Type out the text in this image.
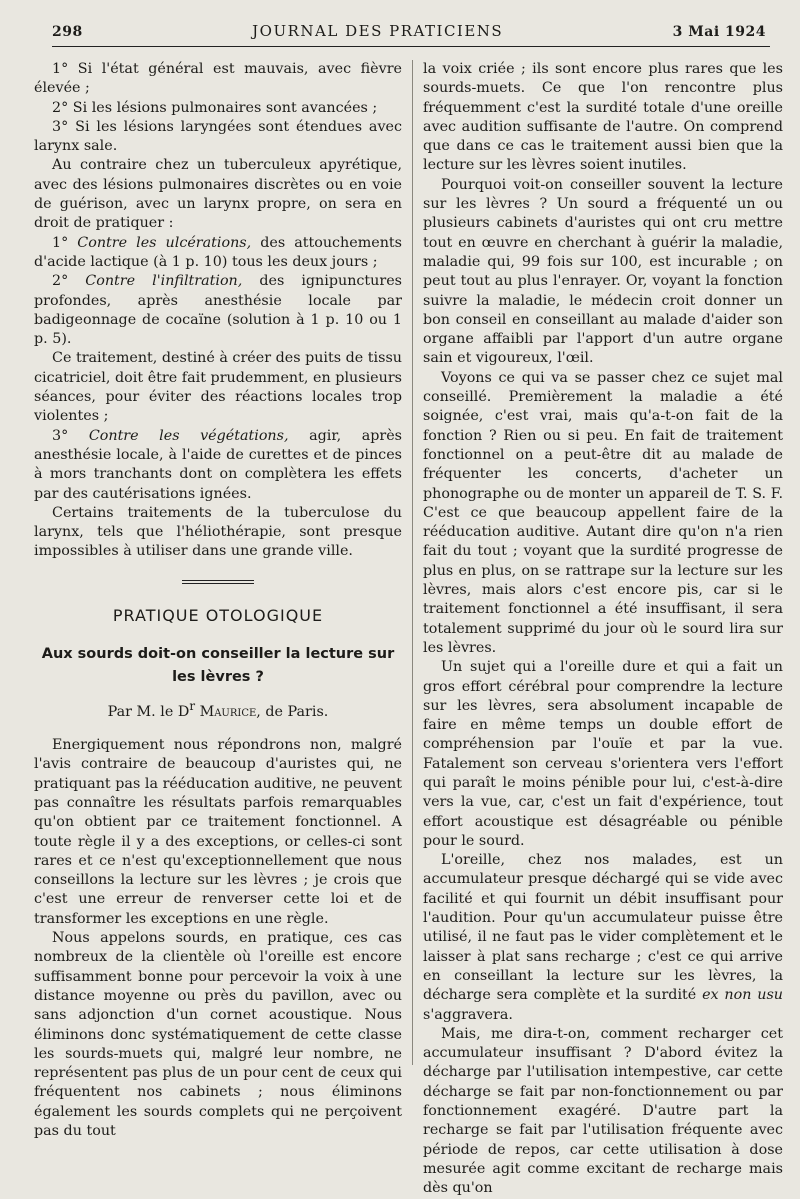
298	JOURNAL DES PRATICIENS	3 Mai 1924

1° Si l'état général est mauvais, avec fièvre élevée ;

2° Si les lésions pulmonaires sont avancées ;

3° Si les lésions laryngées sont étendues avec larynx sale.

Au contraire chez un tuberculeux apyrétique, avec des lésions pulmonaires discrètes ou en voie de guérison, avec un larynx propre, on sera en droit de pratiquer :

1° Contre les ulcérations, des attouchements d'acide lactique (à 1 p. 10) tous les deux jours ;

2° Contre l'infiltration, des ignipunctures profondes, après anesthésie locale par badigeonnage de cocaïne (solution à 1 p. 10 ou 1 p. 5).

Ce traitement, destiné à créer des puits de tissu cicatriciel, doit être fait prudemment, en plusieurs séances, pour éviter des réactions locales trop violentes ;

3° Contre les végétations, agir, après anesthésie locale, à l'aide de curettes et de pinces à mors tranchants dont on complètera les effets par des cautérisations ignées.

Certains traitements de la tuberculose du larynx, tels que l'héliothérapie, sont presque impossibles à utiliser dans une grande ville.

PRATIQUE OTOLOGIQUE
Aux sourds doit-on conseiller la lecture sur les lèvres ?
Par M. le $D^r$ Maurice, de Paris.

Energiquement nous répondrons non, malgré l'avis contraire de beaucoup d'auristes qui, ne pratiquant pas la rééducation auditive, ne peuvent pas connaître les résultats parfois remarquables qu'on obtient par ce traitement fonctionnel. A toute règle il y a des exceptions, or celles-ci sont rares et ce n'est qu'exceptionnellement que nous conseillons la lecture sur les lèvres ; je crois que c'est une erreur de renverser cette loi et de transformer les exceptions en une règle.

Nous appelons sourds, en pratique, ces cas nombreux de la clientèle où l'oreille est encore suffisamment bonne pour percevoir la voix à une distance moyenne ou près du pavillon, avec ou sans adjonction d'un cornet acoustique. Nous éliminons donc systématiquement de cette classe les sourds-muets qui, malgré leur nombre, ne représentent pas plus de un pour cent de ceux qui fréquentent nos cabinets ; nous éliminons également les sourds complets qui ne perçoivent pas du tout

la voix criée ; ils sont encore plus rares que les sourds-muets. Ce que l'on rencontre plus fréquemment c'est la surdité totale d'une oreille avec audition suffisante de l'autre. On comprend que dans ce cas le traitement aussi bien que la lecture sur les lèvres soient inutiles.

Pourquoi voit-on conseiller souvent la lecture sur les lèvres ? Un sourd a fréquenté un ou plusieurs cabinets d'auristes qui ont cru mettre tout en œuvre en cherchant à guérir la maladie, maladie qui, 99 fois sur 100, est incurable ; on peut tout au plus l'enrayer. Or, voyant la fonction suivre la maladie, le médecin croit donner un bon conseil en conseillant au malade d'aider son organe affaibli par l'apport d'un autre organe sain et vigoureux, l'œil.

Voyons ce qui va se passer chez ce sujet mal conseillé. Premièrement la maladie a été soignée, c'est vrai, mais qu'a-t-on fait de la fonction ? Rien ou si peu. En fait de traitement fonctionnel on a peut-être dit au malade de fréquenter les concerts, d'acheter un phonographe ou de monter un appareil de T. S. F. C'est ce que beaucoup appellent faire de la rééducation auditive. Autant dire qu'on n'a rien fait du tout ; voyant que la surdité progresse de plus en plus, on se rattrape sur la lecture sur les lèvres, mais alors c'est encore pis, car si le traitement fonctionnel a été insuffisant, il sera totalement supprimé du jour où le sourd lira sur les lèvres.

Un sujet qui a l'oreille dure et qui a fait un gros effort cérébral pour comprendre la lecture sur les lèvres, sera absolument incapable de faire en même temps un double effort de compréhension par l'ouïe et par la vue. Fatalement son cerveau s'orientera vers l'effort qui paraît le moins pénible pour lui, c'est-à-dire vers la vue, car, c'est un fait d'expérience, tout effort acoustique est désagréable ou pénible pour le sourd.

L'oreille, chez nos malades, est un accumulateur presque déchargé qui se vide avec facilité et qui fournit un débit insuffisant pour l'audition. Pour qu'un accumulateur puisse être utilisé, il ne faut pas le vider complètement et le laisser à plat sans recharge ; c'est ce qui arrive en conseillant la lecture sur les lèvres, la décharge sera complète et la surdité ex non usu s'aggravera.

Mais, me dira-t-on, comment recharger cet accumulateur insuffisant ? D'abord évitez la décharge par l'utilisation intempestive, car cette décharge se fait par non-fonctionnement ou par fonctionnement exagéré. D'autre part la recharge se fait par l'utilisation fréquente avec période de repos, car cette utilisation à dose mesurée agit comme excitant de recharge mais dès qu'on
